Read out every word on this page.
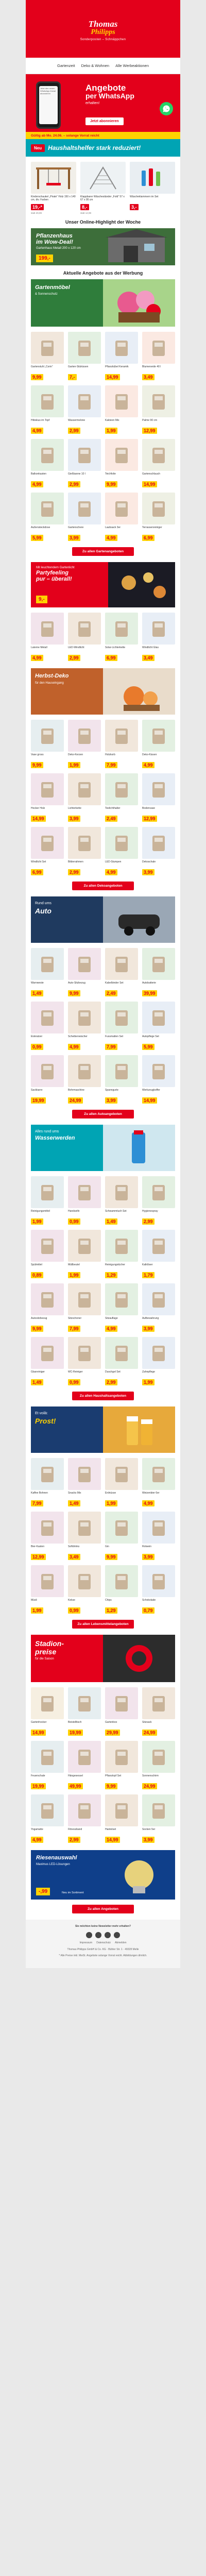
Thomas
Philipps
Sonderposten – Schnäppchen
Gartenzeit Deko & Wohnen Alle Werbeaktionen
Jetzt den neuen WhatsApp-Kanal abonnieren
Angebote
per WhatsApp
erhalten!
Jetzt abonnieren
Gültig ab Mo. 24.06. – solange Vorrat reicht
Neu	Haushaltshelfer stark reduziert!
Kinderschaukel „Pirate“ Holz 150 x 140 cm, div. Farben
19,-*
statt 29,99
Klappbarer Wäscheständer „Fold“ 57 x 67 x 95 cm
8,-
statt 12,99
Wäscheklammern im Set
3,-
Unser Online-Highlight der Woche
Pflanzenhaus
im Wow-Deal!
Gartenhaus Metall 200 x 120 cm
199,-
Aktuelle Angebote aus der Werbung
Gartenmöbel
& Sonnenschutz
Gartenstuhl „Corin“
9,99
Garten-Sitzkissen
7,-
Pflanzkübel Keramik
14,99
Blumenerde 40 l
3,49
Hibiskus im Topf
4,99
Wassermelone
2,99
Kakteen Mix
1,99
Palme 90 cm
12,99
Balkonkasten
4,99
Gießkanne 10 l
2,99
Teichfolie
9,99
Gartenschlauch
14,99
Außensteckdose
5,99
Gartenschere
3,99
Laubsack 3er
4,99
Terrassenreiniger
6,99
Zu allen Gartenangeboten
Mit leuchtendem Gartenlicht
Partyfeeling
pur – überall!
9,-
Laterne Metall
4,99
LED-Windlicht
2,99
Solar-Lichterkette
6,99
Windlicht Glas
3,49
Herbst-Deko
für den Hauseingang
Vase gross
9,99
Deko-Kerzen
1,99
Holzkorb
7,99
Deko-Kissen
4,99
Hocker Holz
14,99
Lichterkette
3,99
Teelichthalter
2,49
Bodenvase
12,99
Windlicht Set
6,99
Bilderrahmen
2,99
LED-Stumpen
4,99
Dekoschale
3,99
Zu allen Dekoangeboten
Rund ums
Auto
Warnweste
1,49
Auto-Sitzbezug
9,99
Kabelbinder Set
2,49
Autobatterie
39,99
Eiskratzer
0,99
Scheibenwischer
4,99
Fussmatten Set
7,99
Autopflege Set
5,99
Sackkarre
19,99
Bohrmaschine
24,99
Spanngurte
3,99
Werkzeugkoffer
14,99
Zu allen Autoangeboten
Alles rund ums
Wasserwerden
Reinigungsmittel
1,99
Handseife
0,99
Schwammtuch Set
1,49
Hygienespray
2,99
Spülmittel
0,89
Müllbeutel
1,99
Reinigungstücher
1,29
Kalklöser
1,79
Autositzbezug
9,99
Sitzschoner
7,99
Sitzauflage
4,99
Aufbewahrung
3,99
Glasreiniger
1,49
WC-Reiniger
0,99
Duschgel Set
2,99
Zahnpflege
1,99
Zu allen Haushaltsangeboten
Et voilà:
Prost!
Kaffee Bohnen
7,99
Snacks Mix
1,49
Erdnüsse
1,99
Weizenbier 6er
4,99
Bier-Kasten
12,99
Softdrinks
3,49
Gin
9,99
Rotwein
3,99
Müsli
1,99
Kekse
0,99
Chips
1,29
Schokolade
0,79
Zu allen Lebensmittelangeboten
Stadion-
preise
für die Saison
Gartenhocker
14,99
Beistelltisch
19,99
Gartenbox
29,99
Sitzsack
24,99
Feuerschale
19,99
Hängesessel
49,99
Pflanztopf Set
9,99
Sonnenschirm
24,99
Yogamatte
4,99
Fitnessband
2,99
Hantelset
14,99
Socken 5er
3,99
Riesenauswahl
Maximus LED-Lösungen
-,99	Neu im Sortiment
Zu allen Angeboten
Sie möchten keine Newsletter mehr erhalten?
Impressum Datenschutz Abmelden
Thomas Philipps GmbH & Co. KG · Bühler Str. 1 · 49328 Melle
* Alle Preise inkl. MwSt. Angebote solange Vorrat reicht. Abbildungen ähnlich.
